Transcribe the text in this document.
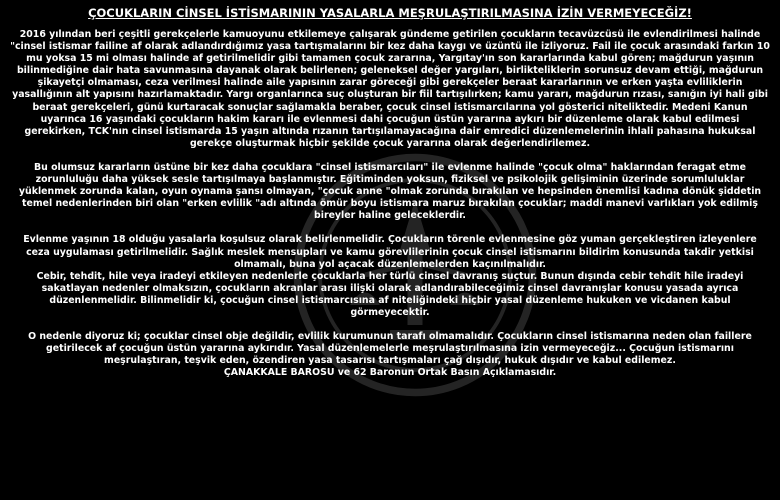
ÇOCUKLARIN CİNSEL İSTİSMARININ YASALARLA MEŞRULAŞTIRILMASINA İZİN VERMEYECEĞİZ!

2016 yılından beri çeşitli gerekçelerle kamuoyunu etkilemeye çalışarak gündeme getirilen çocukların tecavüzcüsü ile evlendirilmesi halinde "cinsel istismar failine af olarak adlandırdığımız yasa tartışmalarını bir kez daha kaygı ve üzüntü ile izliyoruz. Fail ile çocuk arasındaki farkın 10 mu yoksa 15 mi olması halinde af getirilmelidir gibi tamamen çocuk zararına, Yargıtay'ın son kararlarında kabul gören; mağdurun yaşının bilinmediğine dair hata savunmasına dayanak olarak belirlenen; geleneksel değer yargıları, birlikteliklerin sorunsuz devam ettiği, mağdurun şikayetçi olmaması, ceza verilmesi halinde aile yapısının zarar göreceği gibi gerekçeler beraat kararlarının ve erken yaşta evliliklerin yasallığının alt yapısını hazırlamaktadır. Yargı organlarınca suç oluşturan bir fiil tartışılırken; kamu yararı, mağdurun rızası, sanığın iyi hali gibi beraat gerekçeleri, günü kurtaracak sonuçlar sağlamakla beraber, çocuk cinsel istismarcılarına yol gösterici niteliktedir. Medeni Kanun uyarınca 16 yaşındaki çocukların hakim kararı ile evlenmesi dahi çocuğun üstün yararına aykırı bir düzenleme olarak kabul edilmesi gerekirken, TCK'nın cinsel istismarda 15 yaşın altında rızanın tartışılamayacağına dair emredici düzenlemelerinin ihlali pahasına hukuksal gerekçe oluşturmak hiçbir şekilde çocuk yararına olarak değerlendirilemez.

Bu olumsuz kararların üstüne bir kez daha çocuklara "cinsel istismarcıları" ile evlenme halinde "çocuk olma" haklarından feragat etme zorunluluğu daha yüksek sesle tartışılmaya başlanmıştır. Eğitiminden yoksun, fiziksel ve psikolojik gelişiminin üzerinde sorumluluklar yüklenmek zorunda kalan, oyun oynama şansı olmayan, "çocuk anne "olmak zorunda bırakılan ve hepsinden önemlisi kadına dönük şiddetin temel nedenlerinden biri olan "erken evlilik "adı altında ömür boyu istismara maruz bırakılan çocuklar; maddi manevi varlıkları yok edilmiş bireyler haline geleceklerdir.

Evlenme yaşının 18 olduğu yasalarla koşulsuz olarak belirlenmelidir. Çocukların törenle evlenmesine göz yuman gerçekleştiren izleyenlere ceza uygulaması getirilmelidir. Sağlık meslek mensupları ve kamu görevlilerinin çocuk cinsel istismarını bildirim konusunda takdir yetkisi olmamalı, buna yol açacak düzenlemelerden kaçınılmalıdır.

Cebir, tehdit, hile veya iradeyi etkileyen nedenlerle çocuklarla her türlü cinsel davranış suçtur. Bunun dışında cebir tehdit hile iradeyi sakatlayan nedenler olmaksızın, çocukların akranlar arası ilişki olarak adlandırabileceğimiz cinsel davranışlar konusu yasada ayrıca düzenlenmelidir. Bilinmelidir ki, çocuğun cinsel istismarcısına af niteliğindeki hiçbir yasal düzenleme hukuken ve vicdanen kabul görmeyecektir.

O nedenle diyoruz ki; çocuklar cinsel obje değildir, evlilik kurumunun tarafı olmamalıdır. Çocukların cinsel istismarına neden olan faillere getirilecek af çocuğun üstün yararına aykırıdır. Yasal düzenlemelerle meşrulaştırılmasına izin vermeyeceğiz... Çocuğun istismarını meşrulaştıran, teşvik eden, özendiren yasa tasarısı tartışmaları çağ dışıdır, hukuk dışıdır ve kabul edilemez.

ÇANAKKALE BAROSU ve 62 Baronun Ortak Basın Açıklamasıdır.
